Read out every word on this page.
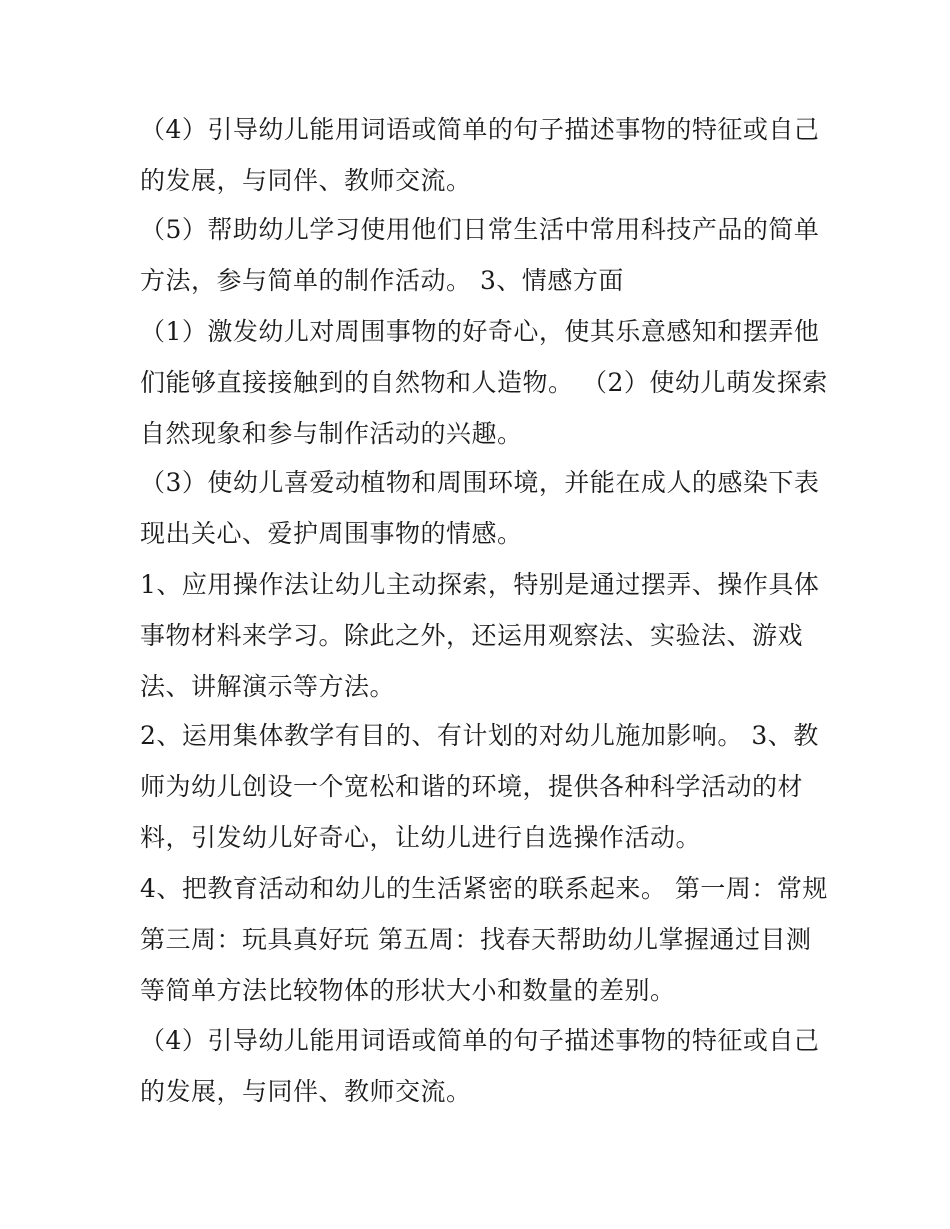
（4）引导幼儿能用词语或简单的句子描述事物的特征或自己
的发展，与同伴、教师交流。
（5）帮助幼儿学习使用他们日常生活中常用科技产品的简单
方法，参与简单的制作活动。 3、情感方面
（1）激发幼儿对周围事物的好奇心，使其乐意感知和摆弄他
们能够直接接触到的自然物和人造物。 （2）使幼儿萌发探索
自然现象和参与制作活动的兴趣。
（3）使幼儿喜爱动植物和周围环境，并能在成人的感染下表
现出关心、爱护周围事物的情感。
1、应用操作法让幼儿主动探索，特别是通过摆弄、操作具体
事物材料来学习。除此之外，还运用观察法、实验法、游戏
法、讲解演示等方法。
2、运用集体教学有目的、有计划的对幼儿施加影响。 3、教
师为幼儿创设一个宽松和谐的环境，提供各种科学活动的材
料，引发幼儿好奇心，让幼儿进行自选操作活动。
4、把教育活动和幼儿的生活紧密的联系起来。 第一周：常规
第三周：玩具真好玩 第五周：找春天帮助幼儿掌握通过目测
等简单方法比较物体的形状大小和数量的差别。
（4）引导幼儿能用词语或简单的句子描述事物的特征或自己
的发展，与同伴、教师交流。
